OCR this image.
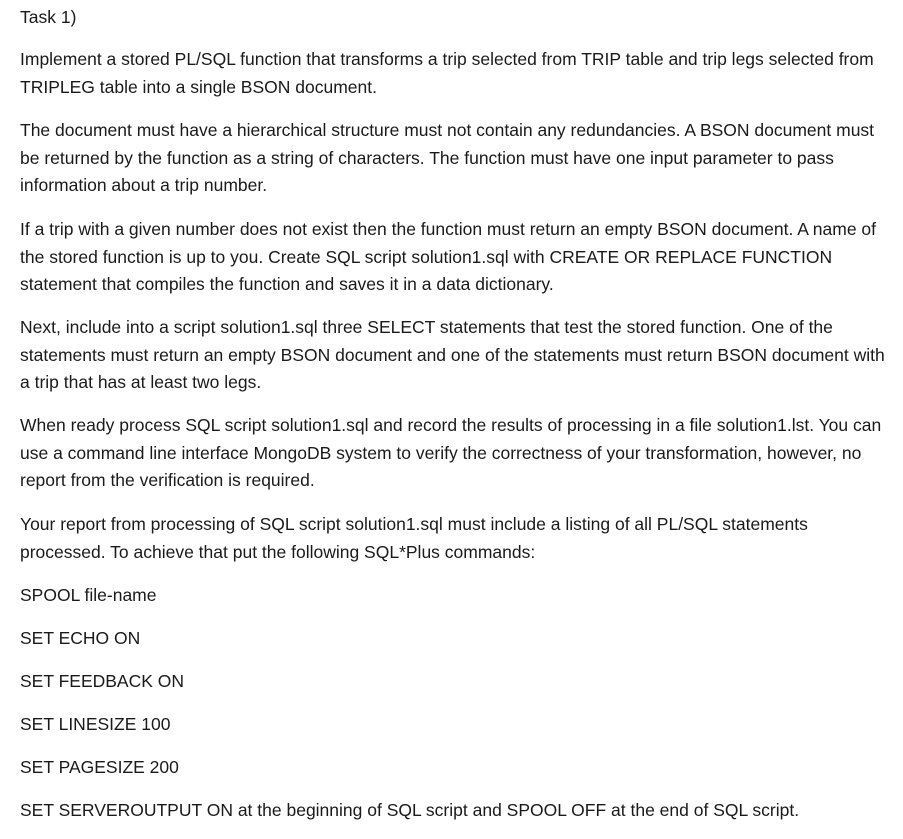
Task 1)

Implement a stored PL/SQL function that transforms a trip selected from TRIP table and trip legs selected from TRIPLEG table into a single BSON document.

The document must have a hierarchical structure must not contain any redundancies. A BSON document must be returned by the function as a string of characters. The function must have one input parameter to pass information about a trip number.

If a trip with a given number does not exist then the function must return an empty BSON document. A name of the stored function is up to you. Create SQL script solution1.sql with CREATE OR REPLACE FUNCTION statement that compiles the function and saves it in a data dictionary.

Next, include into a script solution1.sql three SELECT statements that test the stored function. One of the statements must return an empty BSON document and one of the statements must return BSON document with a trip that has at least two legs.

When ready process SQL script solution1.sql and record the results of processing in a file solution1.lst. You can use a command line interface MongoDB system to verify the correctness of your transformation, however, no report from the verification is required.

Your report from processing of SQL script solution1.sql must include a listing of all PL/SQL statements processed. To achieve that put the following SQL*Plus commands:

SPOOL file-name
SET ECHO ON
SET FEEDBACK ON
SET LINESIZE 100
SET PAGESIZE 200
SET SERVEROUTPUT ON at the beginning of SQL script and SPOOL OFF at the end of SQL script.
